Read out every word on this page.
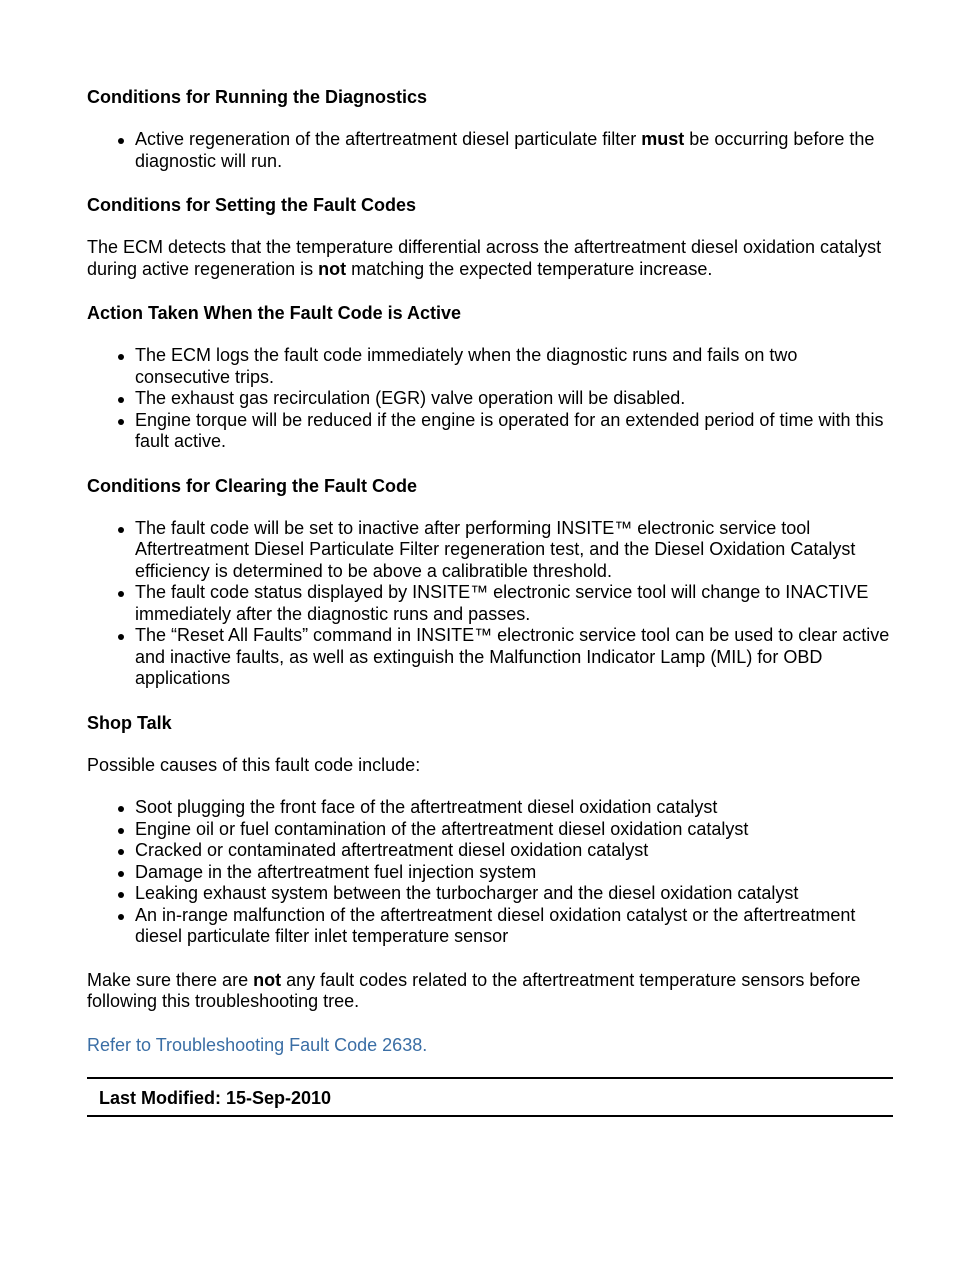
Conditions for Running the Diagnostics
Active regeneration of the aftertreatment diesel particulate filter must be occurring before the diagnostic will run.
Conditions for Setting the Fault Codes

The ECM detects that the temperature differential across the aftertreatment diesel oxidation catalyst during active regeneration is not matching the expected temperature increase.

Action Taken When the Fault Code is Active
The ECM logs the fault code immediately when the diagnostic runs and fails on two consecutive trips.
The exhaust gas recirculation (EGR) valve operation will be disabled.
Engine torque will be reduced if the engine is operated for an extended period of time with this fault active.
Conditions for Clearing the Fault Code
The fault code will be set to inactive after performing INSITE™ electronic service tool Aftertreatment Diesel Particulate Filter regeneration test, and the Diesel Oxidation Catalyst efficiency is determined to be above a calibratible threshold.
The fault code status displayed by INSITE™ electronic service tool will change to INACTIVE immediately after the diagnostic runs and passes.
The “Reset All Faults” command in INSITE™ electronic service tool can be used to clear active and inactive faults, as well as extinguish the Malfunction Indicator Lamp (MIL) for OBD applications
Shop Talk

Possible causes of this fault code include:

Soot plugging the front face of the aftertreatment diesel oxidation catalyst
Engine oil or fuel contamination of the aftertreatment diesel oxidation catalyst
Cracked or contaminated aftertreatment diesel oxidation catalyst
Damage in the aftertreatment fuel injection system
Leaking exhaust system between the turbocharger and the diesel oxidation catalyst
An in-range malfunction of the aftertreatment diesel oxidation catalyst or the aftertreatment diesel particulate filter inlet temperature sensor

Make sure there are not any fault codes related to the aftertreatment temperature sensors before following this troubleshooting tree.

Refer to Troubleshooting Fault Code 2638.

Last Modified: 15-Sep-2010
